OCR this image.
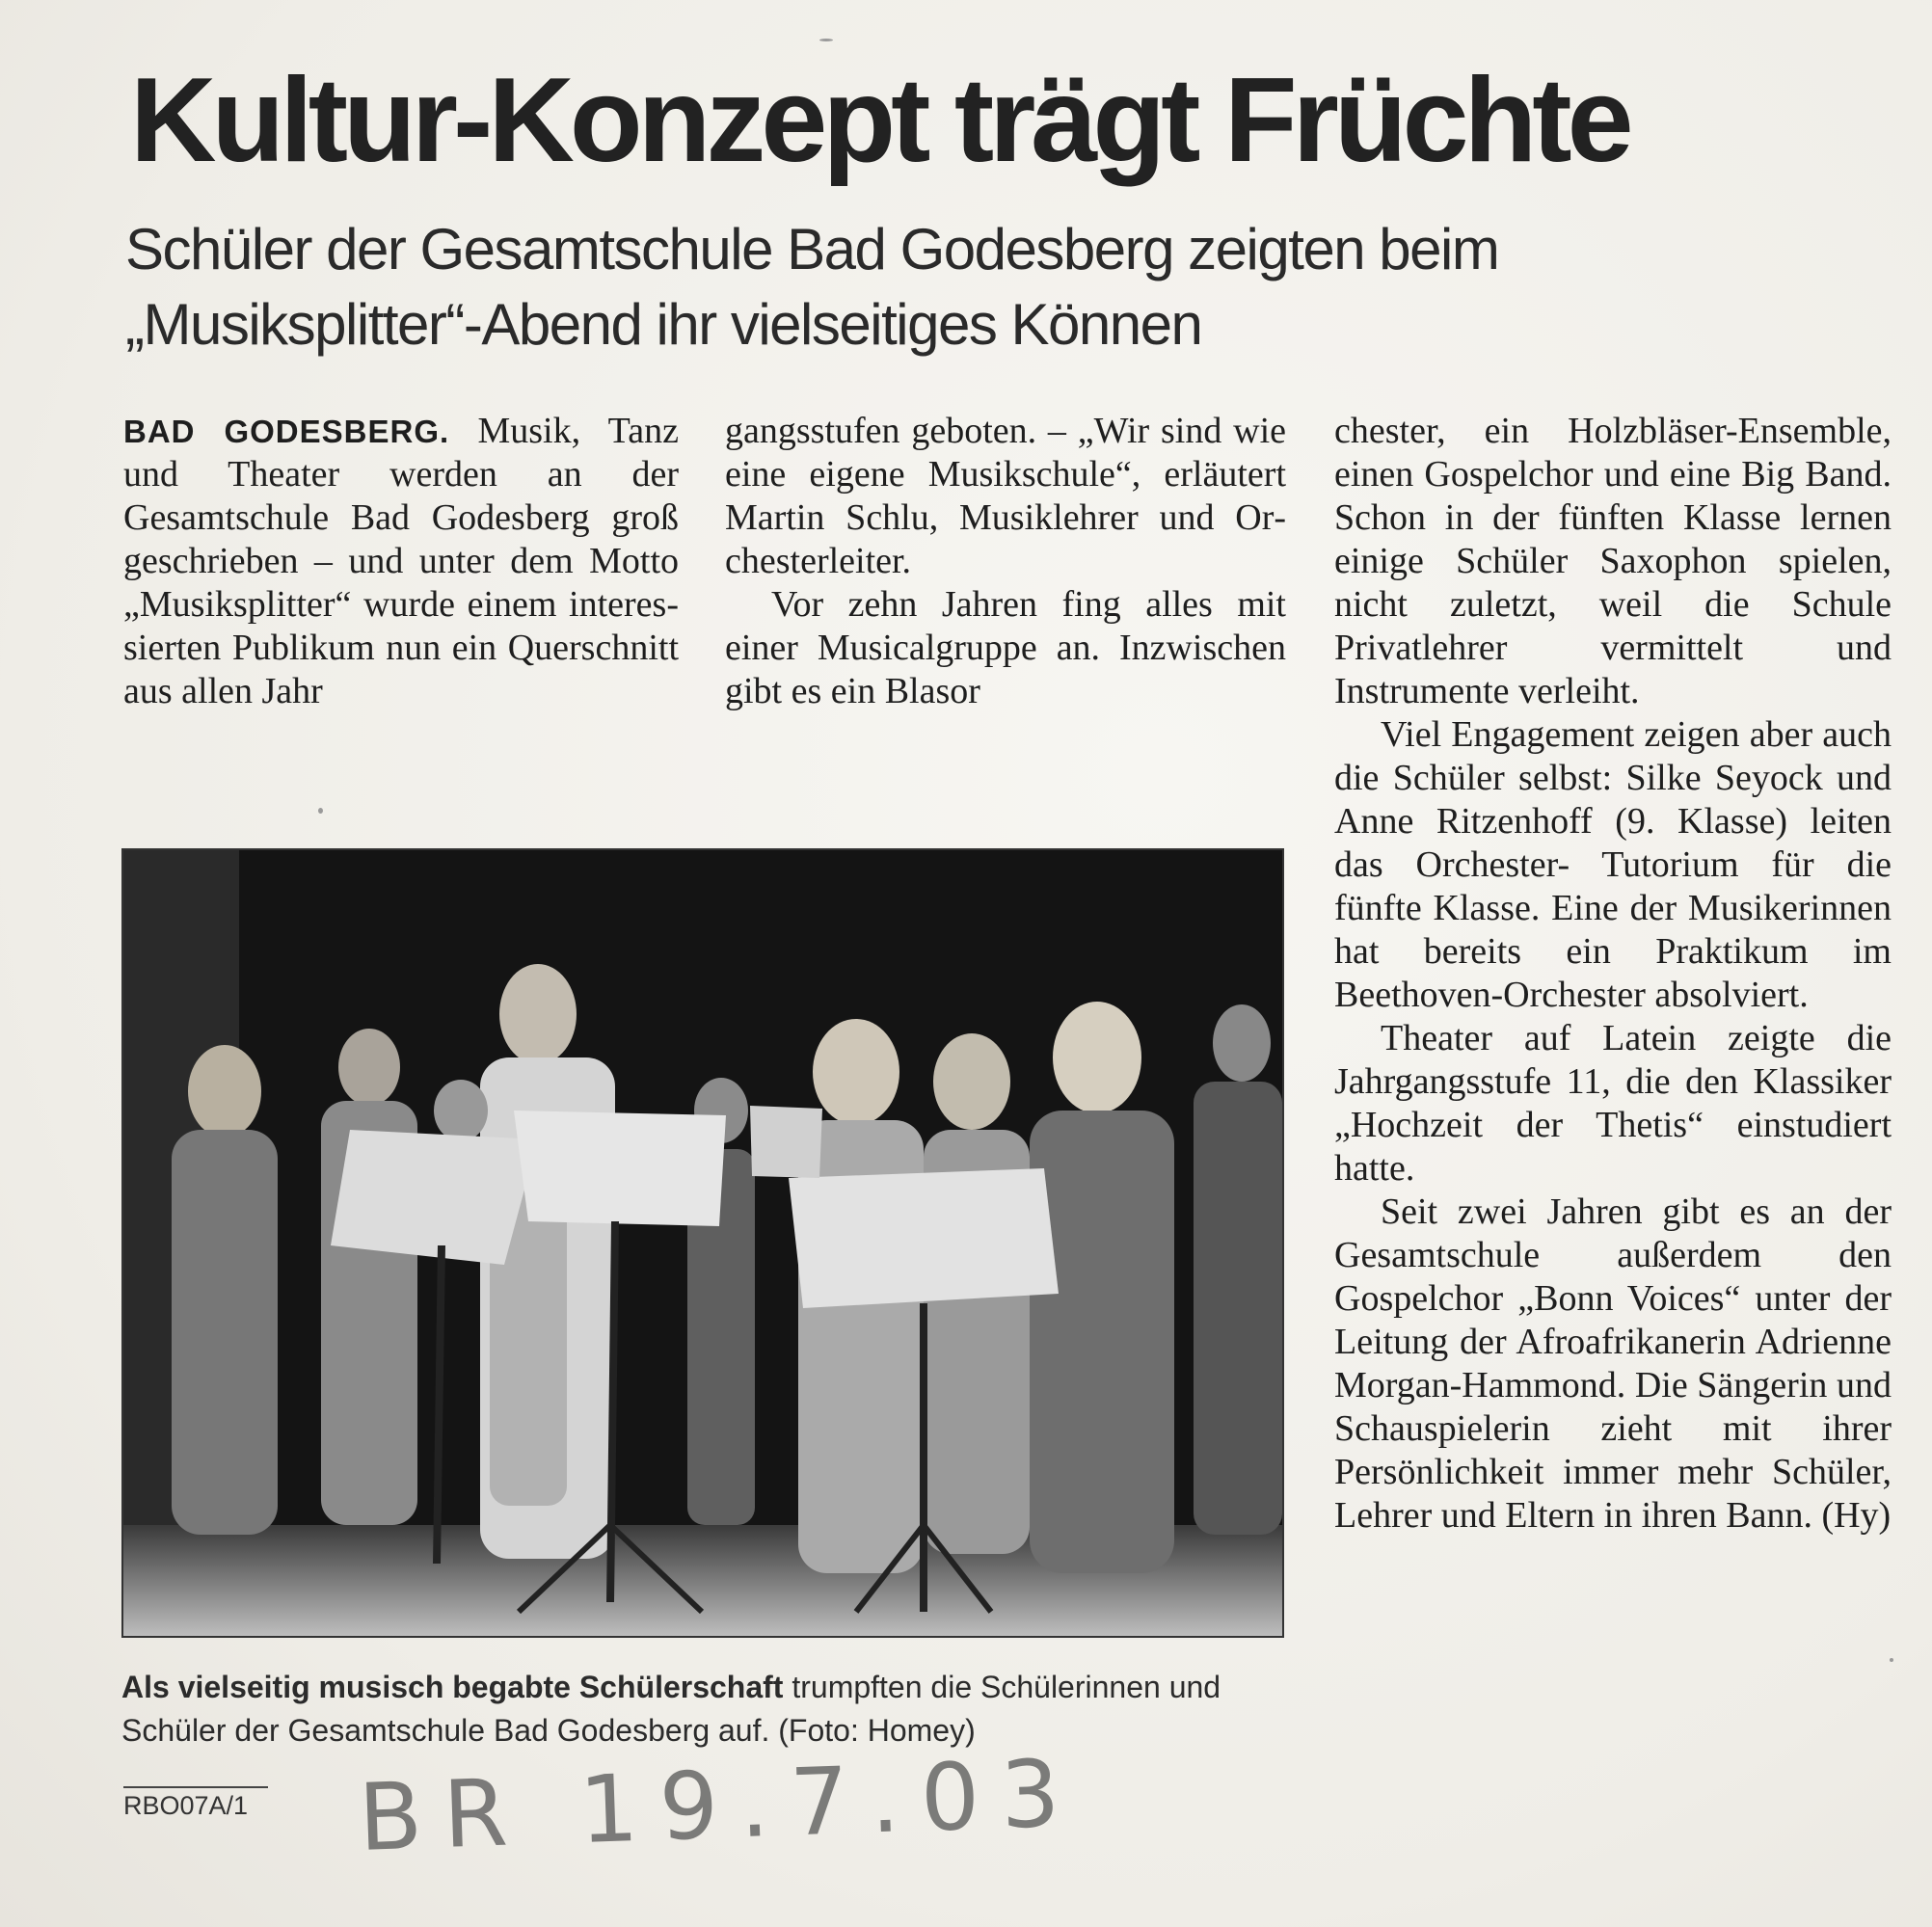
Kultur-Konzept trägt Früchte
Schüler der Gesamtschule Bad Godesberg zeigten beim
„Musiksplitter“-Abend ihr vielseitiges Können

BAD GODESBERG. Musik, Tanz und Theater werden an der Gesamtschule Bad Godesberg groß geschrieben – und unter dem Motto „Musiksplitter“ wurde einem interessierten Publikum nun ein Querschnitt aus allen Jahr

gangsstufen geboten. – „Wir sind wie eine eigene Musikschule“, erläutert Martin Schlu, Musiklehrer und Orchesterleiter.

Vor zehn Jahren fing alles mit einer Musicalgruppe an. Inzwischen gibt es ein Blasor

chester, ein Holzbläser-Ensemble, einen Gospelchor und eine Big Band. Schon in der fünften Klasse lernen einige Schüler Saxophon spielen, nicht zuletzt, weil die Schule Privatlehrer vermittelt und Instrumente verleiht.

Viel Engagement zeigen aber auch die Schüler selbst: Silke Seyock und Anne Ritzenhoff (9. Klasse) leiten das Orchester- Tutorium für die fünfte Klasse. Eine der Musikerinnen hat bereits ein Praktikum im Beethoven-Orchester absolviert.

Theater auf Latein zeigte die Jahrgangsstufe 11, die den Klassiker „Hochzeit der Thetis“ einstudiert hatte.

Seit zwei Jahren gibt es an der Gesamtschule außerdem den Gospelchor „Bonn Voices“ unter der Leitung der Afroafrikanerin Adrienne Morgan-Hammond. Die Sängerin und Schauspielerin zieht mit ihrer Persönlichkeit immer mehr Schüler, Lehrer und Eltern in ihren Bann. (Hy)

Als vielseitig musisch begabte Schülerschaft trumpften die Schülerinnen und Schüler der Gesamtschule Bad Godesberg auf. (Foto: Homey)
RBO07A/1 BR 19.7.03
